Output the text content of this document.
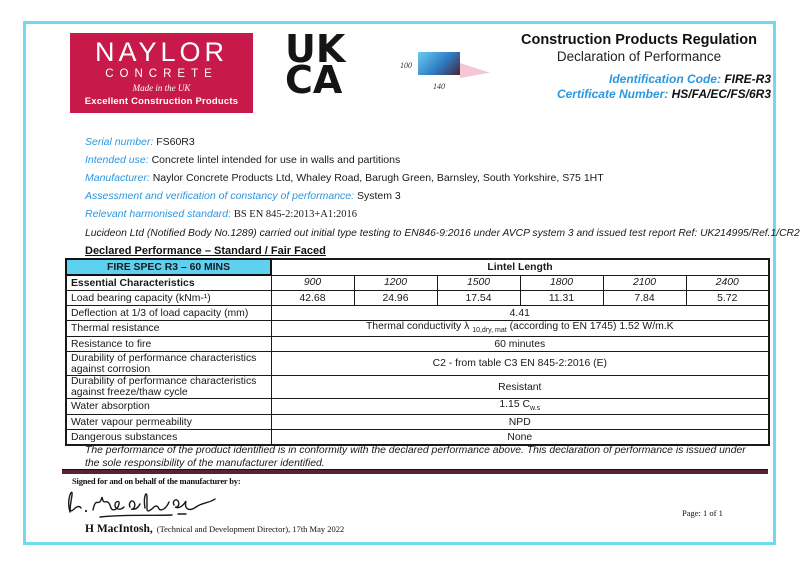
NAYLOR
CONCRETE
Made in the UK
Excellent Construction Products
UK
CA	100
140
Construction Products Regulation
Declaration of Performance
Identification Code: FIRE-R3
Certificate Number: HS/FA/EC/FS/6R3
Serial number: FS60R3
Intended use: Concrete lintel intended for use in walls and partitions
Manufacturer: Naylor Concrete Products Ltd, Whaley Road, Barugh Green, Barnsley, South Yorkshire, S75 1HT
Assessment and verification of constancy of performance: System 3
Relevant harmonised standard: BS EN 845-2:2013+A1:2016
Lucideon Ltd (Notified Body No.1289) carried out initial type testing to EN846-9:2016 under AVCP system 3 and issued test report Ref: UK214995/Ref.1/CR2
Declared Performance – Standard / Fair Faced
FIRE SPEC R3 – 60 MINS	Lintel Length					
Essential Characteristics	900	1200	1500	1800	2100	2400
Load bearing capacity (kNm-¹)	42.68	24.96	17.54	11.31	7.84	5.72
Deflection at 1/3 of load capacity (mm)	4.41					
Thermal resistance	Thermal conductivity λ $_{10,dry, mat}$ (according to EN 1745) 1.52 W/m.K					
Resistance to fire	60 minutes					
Durability of performance characteristics against corrosion	C2 - from table C3 EN 845-2:2016 (E)					
Durability of performance characteristics against freeze/thaw cycle	Resistant					
Water absorption	1.15 $C_{w.s}$
Water vapour permeability	NPD					
Dangerous substances	None					
The performance of the product identified is in conformity with the declared performance above. This declaration of performance is issued under the sole responsibility of the manufacturer identified.
Signed for and on behalf of the manufacturer by:
H MacIntosh, (Technical and Development Director), 17th May 2022
Page: 1 of 1
